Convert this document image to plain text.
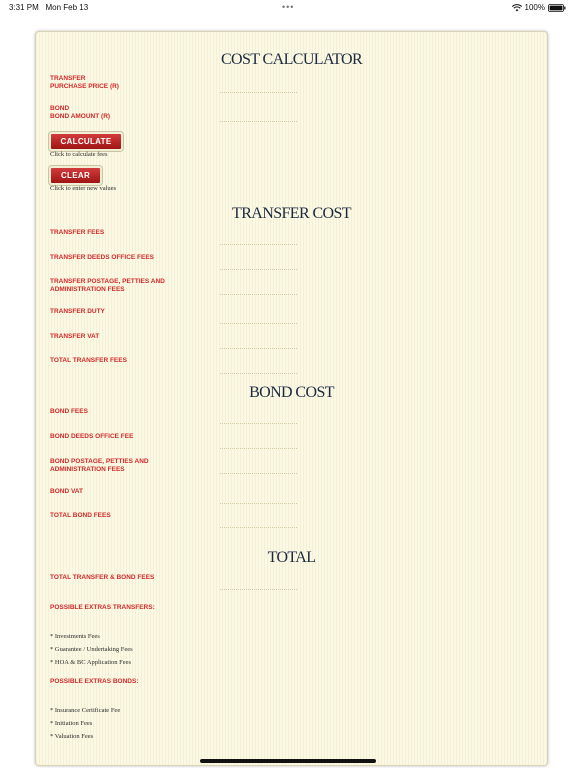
3:31 PM Mon Feb 13	•••	100%
COST CALCULATOR
TRANSFER
PURCHASE PRICE (R)
BOND
BOND AMOUNT (R)
CALCULATE
Click to calculate fees
CLEAR
Click to enter new values
TRANSFER COST
TRANSFER FEES
TRANSFER DEEDS OFFICE FEES
TRANSFER POSTAGE, PETTIES AND ADMINISTRATION FEES
TRANSFER DUTY
TRANSFER VAT
TOTAL TRANSFER FEES
BOND COST
BOND FEES
BOND DEEDS OFFICE FEE
BOND POSTAGE, PETTIES AND ADMINISTRATION FEES
BOND VAT
TOTAL BOND FEES
TOTAL
TOTAL TRANSFER & BOND FEES
POSSIBLE EXTRAS TRANSFERS:
* Investments Fees
* Guarantee / Undertaking Fees
* HOA & BC Application Fees
POSSIBLE EXTRAS BONDS:
* Insurance Certificate Fee
* Initiation Fees
* Valuation Fees
